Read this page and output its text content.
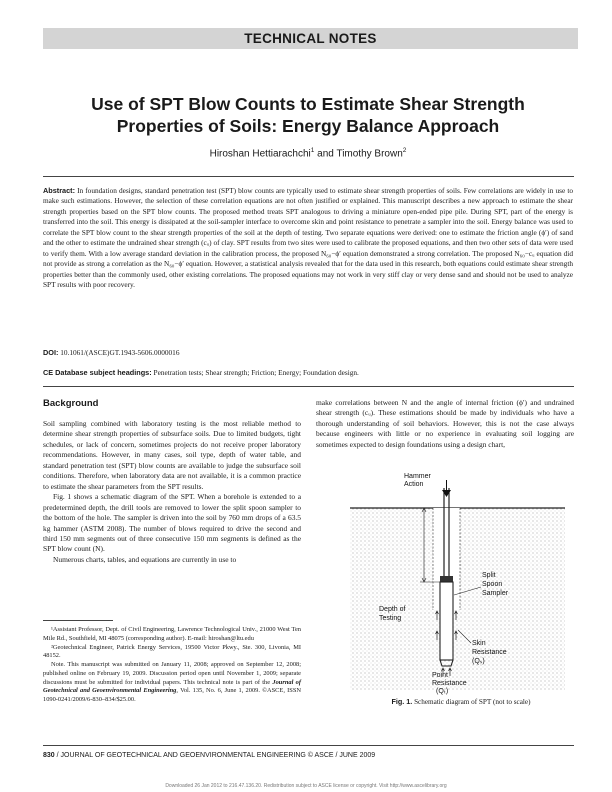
TECHNICAL NOTES
Use of SPT Blow Counts to Estimate Shear Strength
Properties of Soils: Energy Balance Approach
Hiroshan Hettiarachchi$^1$ and Timothy Brown$^2$
Abstract: In foundation designs, standard penetration test (SPT) blow counts are typically used to estimate shear strength properties of soils. Few correlations are widely in use to make such estimations. However, the selection of these correlation equations are not often justified or explained. This manuscript describes a new approach to estimate the shear strength properties based on the SPT blow counts. The proposed method treats SPT analogous to driving a miniature open-ended pipe pile. During SPT, part of the energy is transferred into the soil. This energy is dissipated at the soil-sampler interface to overcome skin and point resistance to penetrate a sampler into the soil. Energy balance was used to correlate the SPT blow count to the shear strength properties of the soil at the depth of testing. Two separate equations were derived: one to estimate the friction angle (ϕ′) of sand and the other to estimate the undrained shear strength (cᵤ) of clay. SPT results from two sites were used to calibrate the proposed equations, and then two other sets of data were used to verify them. With a low average standard deviation in the calibration process, the proposed N₆₀−ϕ′ equation demonstrated a strong correlation. The proposed N₆₀−cᵤ equation did not provide as strong a correlation as the N₆₀−ϕ′ equation. However, a statistical analysis revealed that for the data used in this research, both equations could estimate shear strength properties better than the commonly used, other existing correlations. The proposed equations may not work in very stiff clay or very dense sand and should not be used to analyze SPT results with poor recovery.
DOI: 10.1061/(ASCE)GT.1943-5606.0000016
CE Database subject headings: Penetration tests; Shear strength; Friction; Energy; Foundation design.
Background

Soil sampling combined with laboratory testing is the most reliable method to determine shear strength properties of subsurface soils. Due to limited budgets, tight schedules, or lack of concern, sometimes projects do not receive proper laboratory recommendations. However, in many cases, soil type, depth of water table, and standard penetration test (SPT) blow counts are available to judge the subsurface soil conditions. Therefore, when laboratory data are not available, it is a common practice to estimate the shear parameters from the SPT results.

Fig. 1 shows a schematic diagram of the SPT. When a borehole is extended to a predetermined depth, the drill tools are removed to lower the split spoon sampler to the bottom of the hole. The sampler is driven into the soil by 760 mm drops of a 63.5 kg hammer (ASTM 2008). The number of blows required to drive the second and third 150 mm segments out of three consecutive 150 mm segments is defined as the SPT blow count (N).

Numerous charts, tables, and equations are currently in use to

¹Assistant Professor, Dept. of Civil Engineering, Lawrence Technological Univ., 21000 West Ten Mile Rd., Southfield, MI 48075 (corresponding author). E-mail: hiroshan@ltu.edu

²Geotechnical Engineer, Patrick Energy Services, 19500 Victor Pkwy., Ste. 300, Livonia, MI 48152.

Note. This manuscript was submitted on January 11, 2008; approved on September 12, 2008; published online on February 19, 2009. Discussion period open until November 1, 2009; separate discussions must be submitted for individual papers. This technical note is part of the Journal of Geotechnical and Geoenvironmental Engineering, Vol. 135, No. 6, June 1, 2009. ©ASCE, ISSN 1090-0241/2009/6-830–834/$25.00.

make correlations between N and the angle of internal friction (ϕ′) and undrained shear strength (cᵤ). These estimations should be made by individuals who have a thorough understanding of soil behaviors. However, this is not the case always because engineers with little or no experience in evaluating soil logging are sometimes expected to design foundations using a design chart,
Hammer
Action
Split
Spoon
Sampler
Depth of
Testing
Skin
Resistance
(Qₛ)
Point
Resistance
(Qₜ)
Fig. 1. Schematic diagram of SPT (not to scale)
830 / JOURNAL OF GEOTECHNICAL AND GEOENVIRONMENTAL ENGINEERING © ASCE / JUNE 2009
Downloaded 26 Jan 2012 to 216.47.136.20. Redistribution subject to ASCE license or copyright. Visit http://www.ascelibrary.org
